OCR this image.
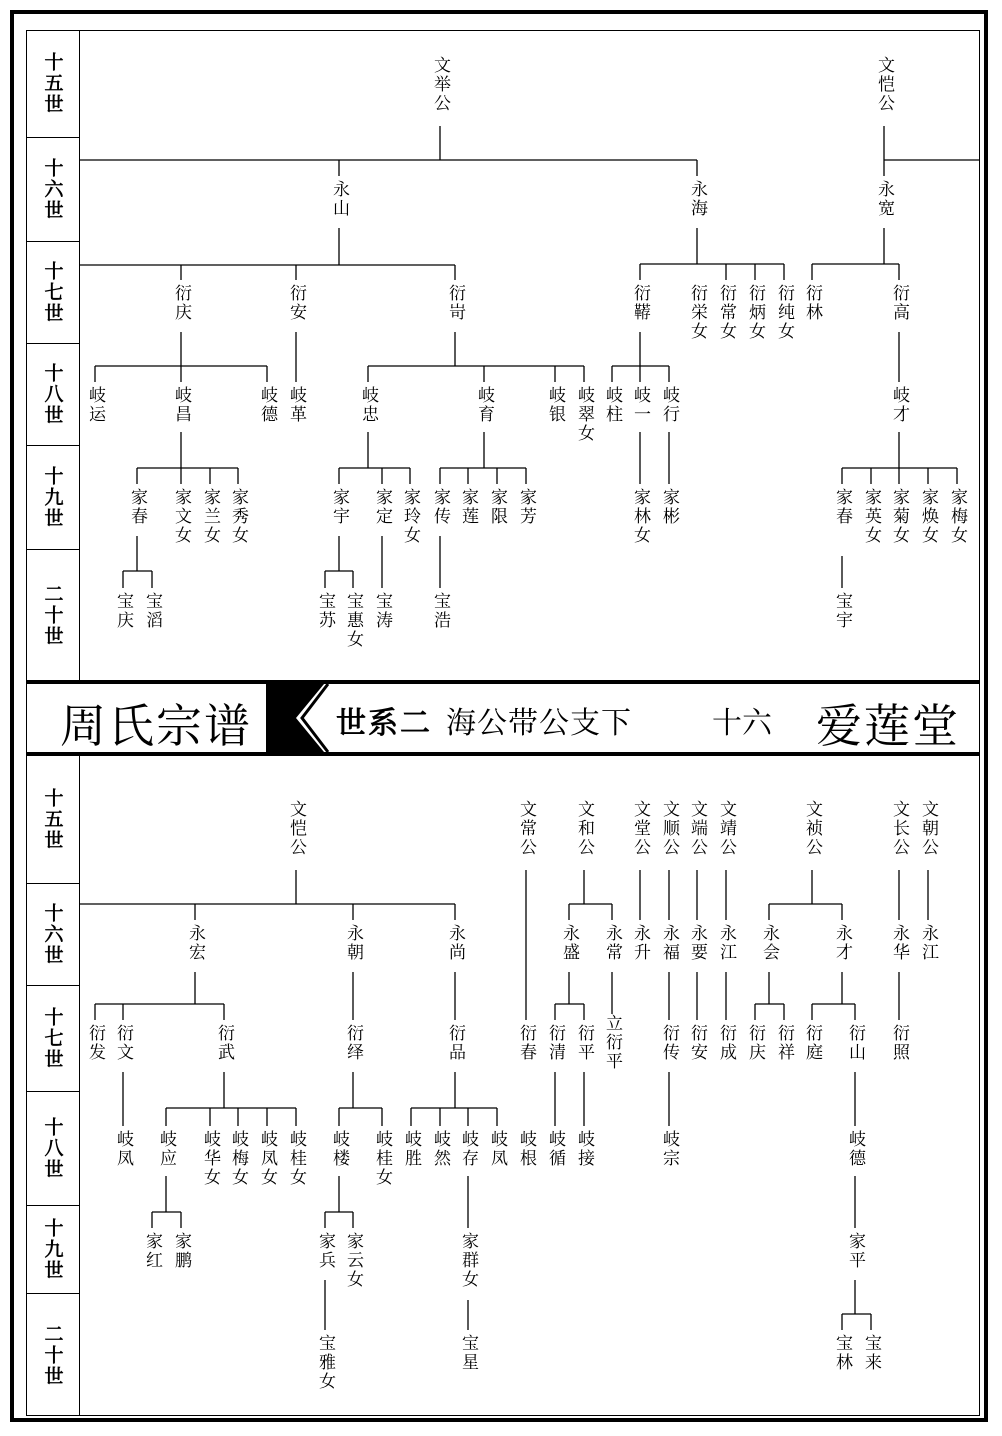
十五世
十六世
十七世
十八世
十九世
二十世
十五世
十六世
十七世
十八世
十九世
二十世
周氏宗谱	世系二 海公带公支下	十六 爱莲堂
文举公	文恺公
永山	永海	永宽
衍庆	衍安	衍岢	衍鞯 衍栄女 衍常女 衍炳女 衍纯女 衍林	衍高
岐运	岐昌	岐德 岐革	岐忠	岐育	岐银 岐翠女 岐柱 岐一 岐行	岐才
家春 家文女 家兰女 家秀女	家宇 家定 家玲女 家传 家莲 家限 家芳	家林女 家彬	家春 家英女 家菊女 家焕女 家梅女
宝庆 宝滔	宝苏 宝惠女 宝涛 宝浩	宝宇
文恺公	文常公 文和公 文堂公 文顺公 文端公 文靖公	文祯公	文长公 文朝公
永宏	永朝	永尚	永盛 永常 永升 永福 永要 永江 永会	永才 永华 永江
衍发 衍文	衍武	衍绎	衍品	衍春 衍清 衍平 立衍平 衍传 衍安 衍成 衍庆 衍祥 衍庭 衍山 衍照
岐凤 岐应 岐华女 岐梅女 岐凤女 岐桂女 岐楼 岐桂女 岐胜 岐然 岐存 岐凤 岐根 岐循 岐接	岐宗	岐德
家红 家鹏	家兵 家云女	家群女	家平
宝雅女	宝星	宝林 宝来
